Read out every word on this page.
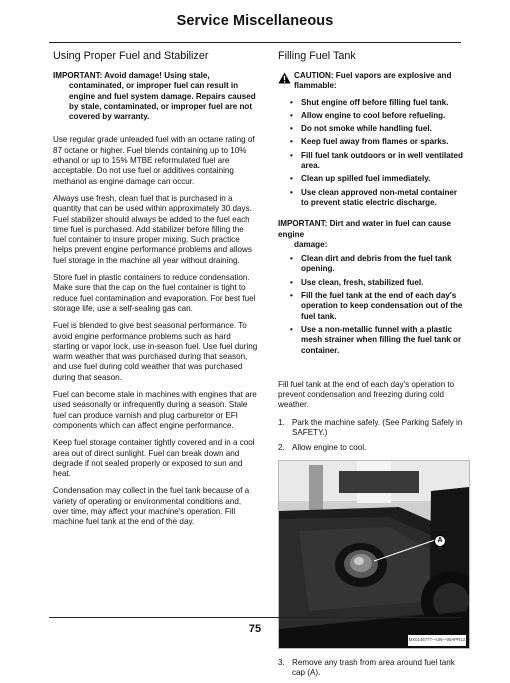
Service Miscellaneous
Using Proper Fuel and Stabilizer
IMPORTANT: Avoid damage! Using stale,
contaminated, or improper fuel can result in engine and fuel system damage. Repairs caused by stale, contaminated, or improper fuel are not covered by warranty.

Use regular grade unleaded fuel with an octane rating of 87 octane or higher. Fuel blends containing up to 10% ethanol or up to 15% MTBE reformulated fuel are acceptable. Do not use fuel or additives containing methanol as engine damage can occur.

Always use fresh, clean fuel that is purchased in a quantity that can be used within approximately 30 days. Fuel stabilizer should always be added to the fuel each time fuel is purchased. Add stabilizer before filling the fuel container to insure proper mixing. Such practice helps prevent engine performance problems and allows fuel storage in the machine all year without draining.

Store fuel in plastic containers to reduce condensation. Make sure that the cap on the fuel container is tight to reduce fuel contamination and evaporation. For best fuel storage life, use a self-sealing gas can.

Fuel is blended to give best seasonal performance. To avoid engine performance problems such as hard starting or vapor lock, use in-season fuel. Use fuel during warm weather that was purchased during that season, and use fuel during cold weather that was purchased during that season.

Fuel can become stale in machines with engines that are used seasonally or infrequently during a season. Stale fuel can produce varnish and plug carburetor or EFI components which can affect engine performance.

Keep fuel storage container tightly covered and in a cool area out of direct sunlight. Fuel can break down and degrade if not sealed properly or exposed to sun and heat.

Condensation may collect in the fuel tank because of a variety of operating or environmental conditions and, over time, may affect your machine's operation. Fill machine fuel tank at the end of the day.

Filling Fuel Tank
CAUTION: Fuel vapors are explosive and flammable:
• Shut engine off before filling fuel tank.
• Allow engine to cool before refueling.
• Do not smoke while handling fuel.
• Keep fuel away from flames or sparks.
• Fill fuel tank outdoors or in well ventilated area.
• Clean up spilled fuel immediately.
• Use clean approved non-metal container to prevent static electric discharge.
IMPORTANT: Dirt and water in fuel can cause engine
damage:
• Clean dirt and debris from the fuel tank opening.
• Use clean, fresh, stabilized fuel.
• Fill the fuel tank at the end of each day's operation to keep condensation out of the fuel tank.
• Use a non-metallic funnel with a plastic mesh strainer when filling the fuel tank or container.

Fill fuel tank at the end of each day's operation to prevent condensation and freezing during cold weather.

1. Park the machine safely. (See Parking Safely in SAFETY.)
2. Allow engine to cool.
A
MX0145777—UN—09APR13
3. Remove any trash from area around fuel tank cap (A).
75
